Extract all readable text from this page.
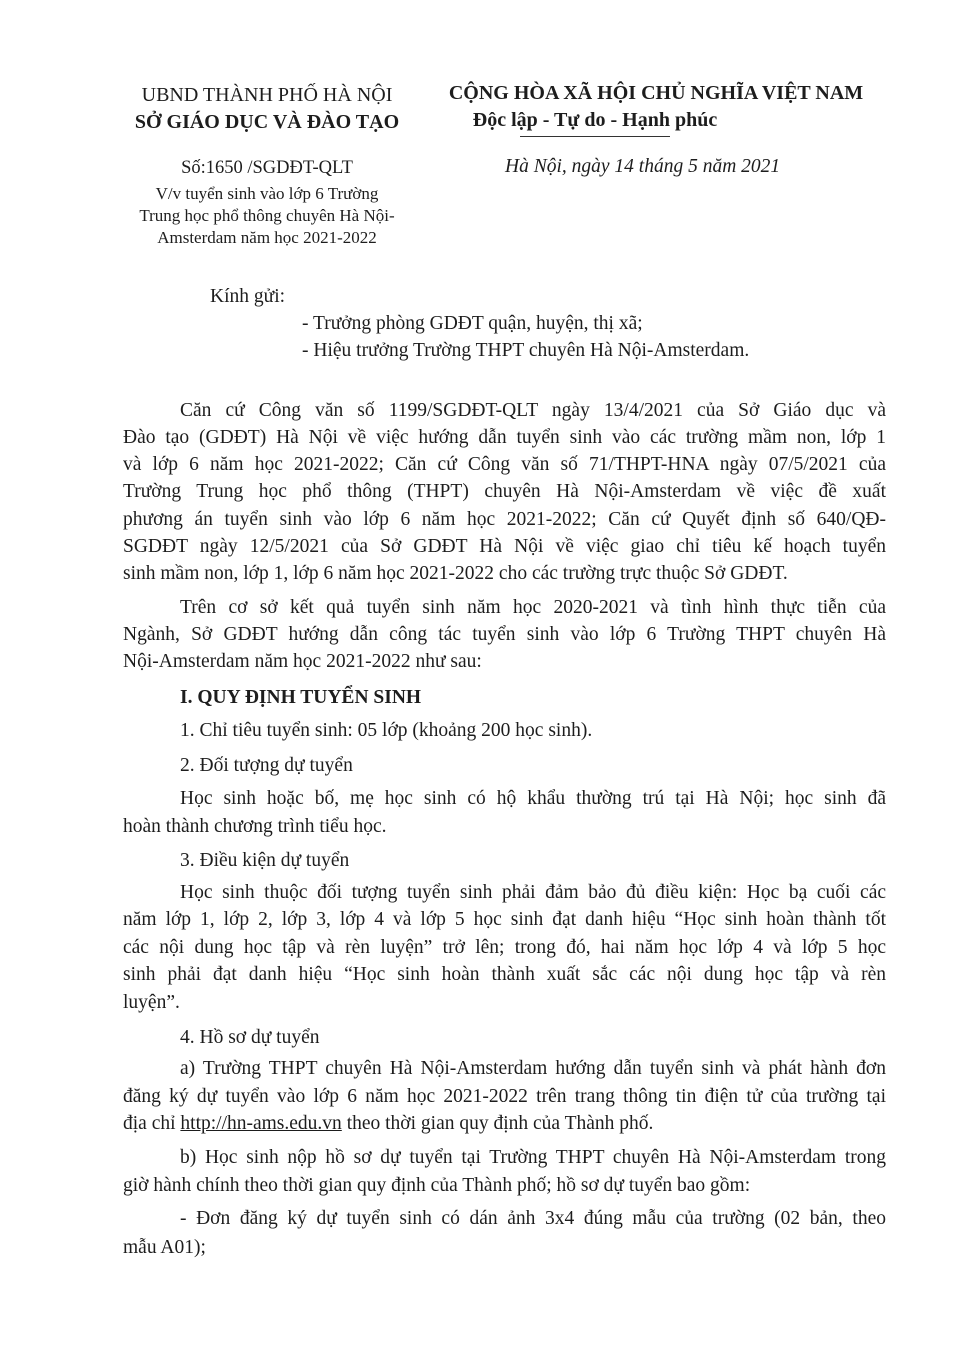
UBND THÀNH PHỐ HÀ NỘI
SỞ GIÁO DỤC VÀ ĐÀO TẠO
CỘNG HÒA XÃ HỘI CHỦ NGHĨA VIỆT NAM
Độc lập - Tự do - Hạnh phúc
Số:1650 /SGDĐT-QLT
V/v tuyển sinh vào lớp 6 Trường
Trung học phổ thông chuyên Hà Nội-
Amsterdam năm học 2021-2022
Hà Nội, ngày 14 tháng 5 năm 2021
Kính gửi:
- Trưởng phòng GDĐT quận, huyện, thị xã;
- Hiệu trưởng Trường THPT chuyên Hà Nội-Amsterdam.
Căn cứ Công văn số 1199/SGDĐT-QLT ngày 13/4/2021 của Sở Giáo dục và
Đào tạo (GDĐT) Hà Nội về việc hướng dẫn tuyển sinh vào các trường mầm non, lớp 1
và lớp 6 năm học 2021-2022; Căn cứ Công văn số 71/THPT-HNA ngày 07/5/2021 của
Trường Trung học phổ thông (THPT) chuyên Hà Nội-Amsterdam về việc đề xuất
phương án tuyển sinh vào lớp 6 năm học 2021-2022; Căn cứ Quyết định số 640/QĐ-
SGDĐT ngày 12/5/2021 của Sở GDĐT Hà Nội về việc giao chỉ tiêu kế hoạch tuyển
sinh mầm non, lớp 1, lớp 6 năm học 2021-2022 cho các trường trực thuộc Sở GDĐT.
Trên cơ sở kết quả tuyển sinh năm học 2020-2021 và tình hình thực tiễn của
Ngành, Sở GDĐT hướng dẫn công tác tuyển sinh vào lớp 6 Trường THPT chuyên Hà
Nội-Amsterdam năm học 2021-2022 như sau:
I. QUY ĐỊNH TUYỂN SINH
1. Chỉ tiêu tuyển sinh: 05 lớp (khoảng 200 học sinh).
2. Đối tượng dự tuyển
Học sinh hoặc bố, mẹ học sinh có hộ khẩu thường trú tại Hà Nội; học sinh đã
hoàn thành chương trình tiểu học.
3. Điều kiện dự tuyển
Học sinh thuộc đối tượng tuyển sinh phải đảm bảo đủ điều kiện: Học bạ cuối các
năm lớp 1, lớp 2, lớp 3, lớp 4 và lớp 5 học sinh đạt danh hiệu “Học sinh hoàn thành tốt
các nội dung học tập và rèn luyện” trở lên; trong đó, hai năm học lớp 4 và lớp 5 học
sinh phải đạt danh hiệu “Học sinh hoàn thành xuất sắc các nội dung học tập và rèn
luyện”.
4. Hồ sơ dự tuyển
a) Trường THPT chuyên Hà Nội-Amsterdam hướng dẫn tuyển sinh và phát hành đơn
đăng ký dự tuyển vào lớp 6 năm học 2021-2022 trên trang thông tin điện tử của trường tại
địa chỉ http://hn-ams.edu.vn theo thời gian quy định của Thành phố.
b) Học sinh nộp hồ sơ dự tuyển tại Trường THPT chuyên Hà Nội-Amsterdam trong
giờ hành chính theo thời gian quy định của Thành phố; hồ sơ dự tuyển bao gồm:
- Đơn đăng ký dự tuyển sinh có dán ảnh 3x4 đúng mẫu của trường (02 bản, theo
mẫu A01);
